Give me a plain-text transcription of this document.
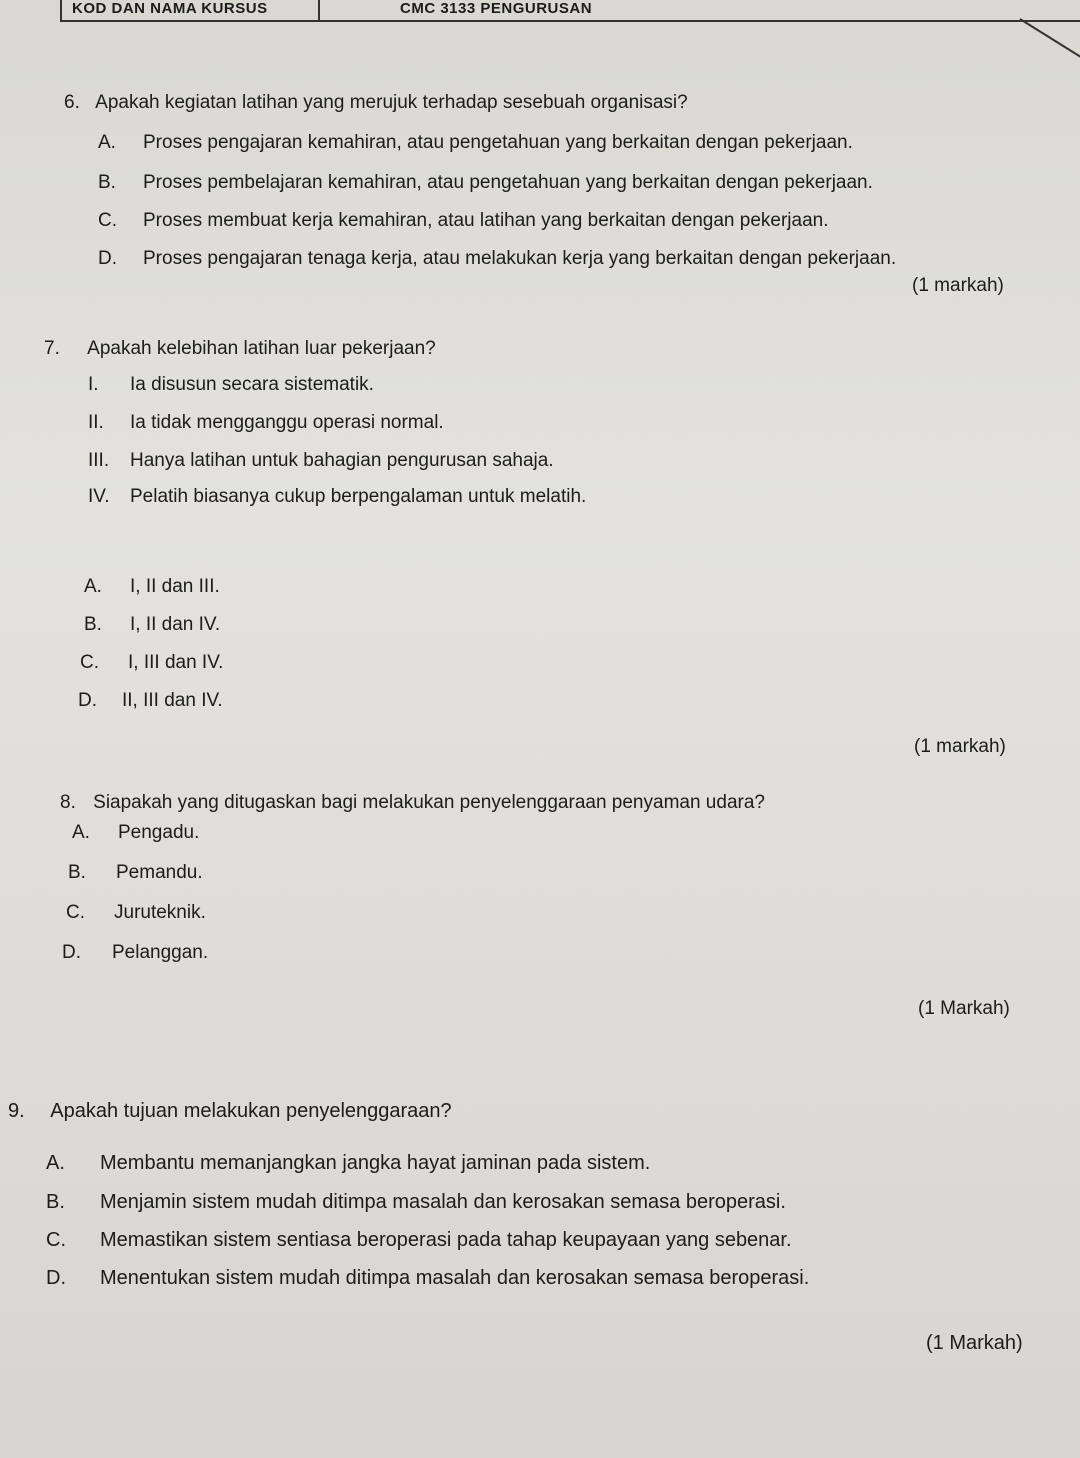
KOD DAN NAMA KURSUS	CMC 3133 PENGURUSAN
6. Apakah kegiatan latihan yang merujuk terhadap sesebuah organisasi?
A. Proses pengajaran kemahiran, atau pengetahuan yang berkaitan dengan pekerjaan.
B. Proses pembelajaran kemahiran, atau pengetahuan yang berkaitan dengan pekerjaan.
C. Proses membuat kerja kemahiran, atau latihan yang berkaitan dengan pekerjaan.
D. Proses pengajaran tenaga kerja, atau melakukan kerja yang berkaitan dengan pekerjaan.
(1 markah)
7. Apakah kelebihan latihan luar pekerjaan?
I. Ia disusun secara sistematik.
II. Ia tidak mengganggu operasi normal.
III. Hanya latihan untuk bahagian pengurusan sahaja.
IV. Pelatih biasanya cukup berpengalaman untuk melatih.
A. I, II dan III.
B. I, II dan IV.
C. I, III dan IV.
D. II, III dan IV.
(1 markah)
8. Siapakah yang ditugaskan bagi melakukan penyelenggaraan penyaman udara?
A. Pengadu.
B. Pemandu.
C. Juruteknik.
D. Pelanggan.
(1 Markah)
9. Apakah tujuan melakukan penyelenggaraan?
A. Membantu memanjangkan jangka hayat jaminan pada sistem.
B. Menjamin sistem mudah ditimpa masalah dan kerosakan semasa beroperasi.
C. Memastikan sistem sentiasa beroperasi pada tahap keupayaan yang sebenar.
D. Menentukan sistem mudah ditimpa masalah dan kerosakan semasa beroperasi.
(1 Markah)
